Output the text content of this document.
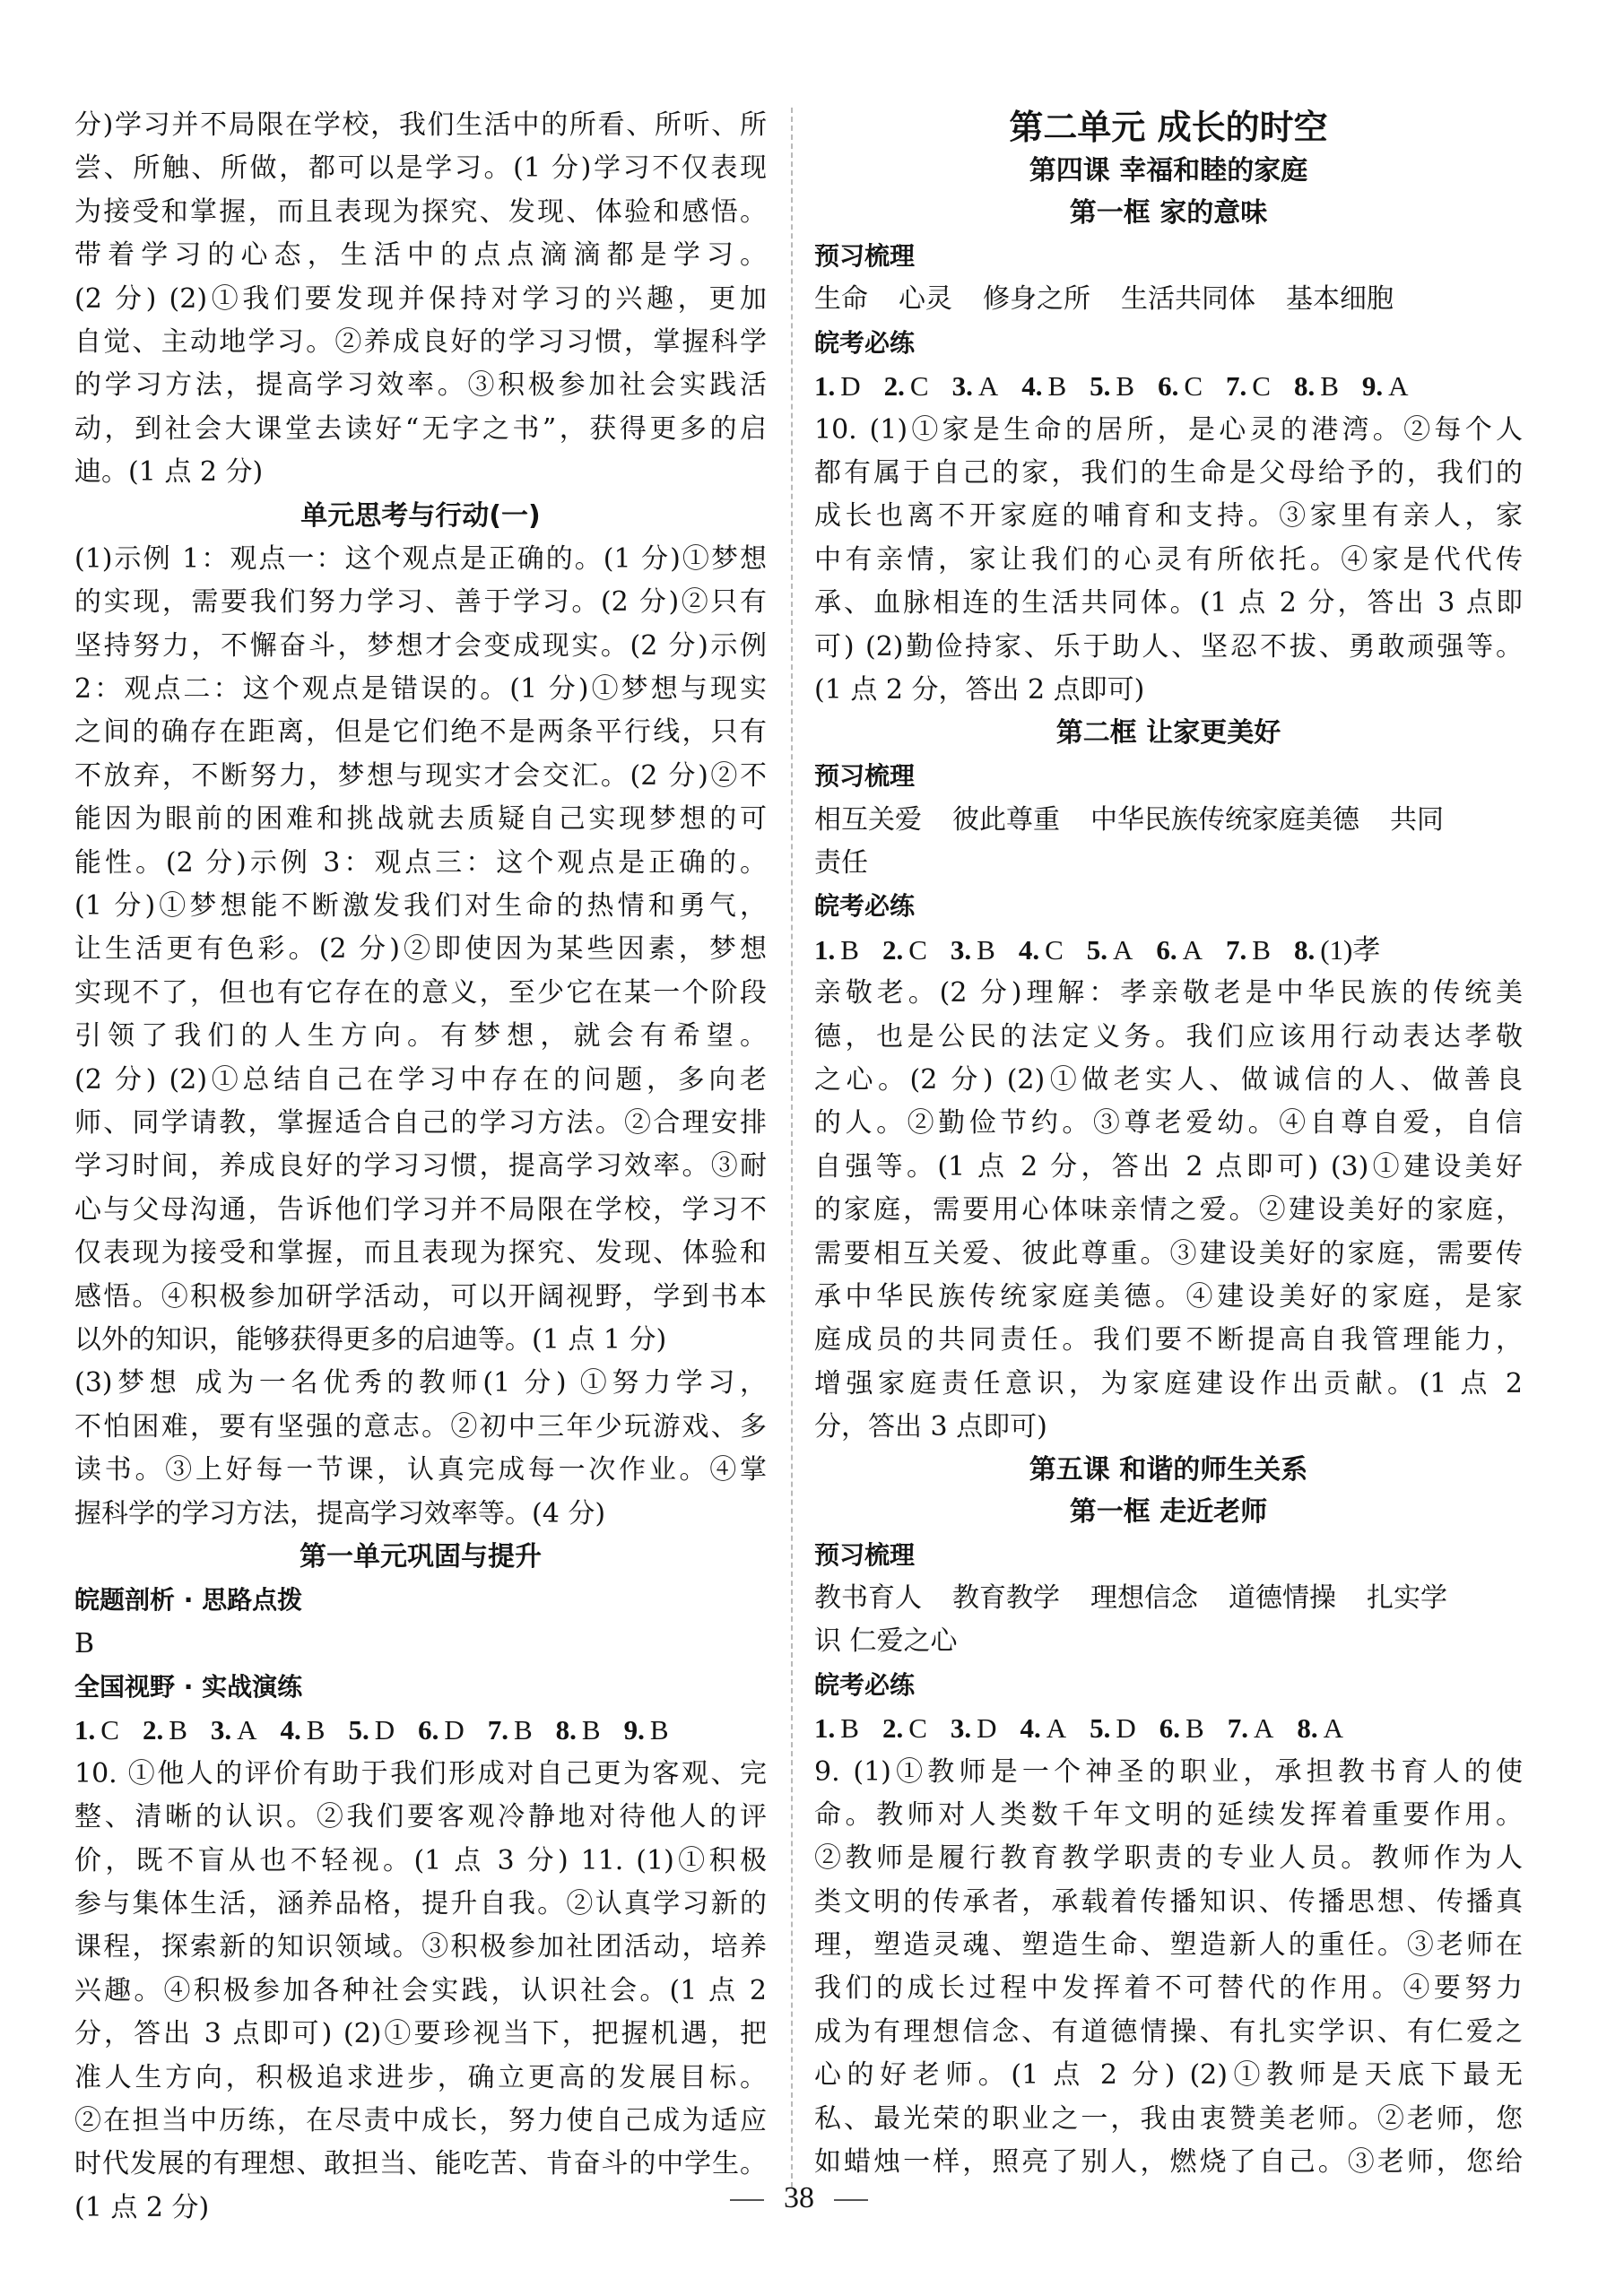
分)学习并不局限在学校，我们生活中的所看、所听、所
尝、所触、所做，都可以是学习。(1 分)学习不仅表现
为接受和掌握，而且表现为探究、发现、体验和感悟。
带着学习的心态，生活中的点点滴滴都是学习。
(2 分) (2)①我们要发现并保持对学习的兴趣，更加
自觉、主动地学习。②养成良好的学习习惯，掌握科学
的学习方法，提高学习效率。③积极参加社会实践活
动，到社会大课堂去读好“无字之书”，获得更多的启
迪。(1 点 2 分)
单元思考与行动(一)
(1)示例 1：观点一：这个观点是正确的。(1 分)①梦想
的实现，需要我们努力学习、善于学习。(2 分)②只有
坚持努力，不懈奋斗，梦想才会变成现实。(2 分)示例
2：观点二：这个观点是错误的。(1 分)①梦想与现实
之间的确存在距离，但是它们绝不是两条平行线，只有
不放弃，不断努力，梦想与现实才会交汇。(2 分)②不
能因为眼前的困难和挑战就去质疑自己实现梦想的可
能性。(2 分)示例 3：观点三：这个观点是正确的。
(1 分)①梦想能不断激发我们对生命的热情和勇气，
让生活更有色彩。(2 分)②即使因为某些因素，梦想
实现不了，但也有它存在的意义，至少它在某一个阶段
引领了我们的人生方向。有梦想，就会有希望。
(2 分) (2)①总结自己在学习中存在的问题，多向老
师、同学请教，掌握适合自己的学习方法。②合理安排
学习时间，养成良好的学习习惯，提高学习效率。③耐
心与父母沟通，告诉他们学习并不局限在学校，学习不
仅表现为接受和掌握，而且表现为探究、发现、体验和
感悟。④积极参加研学活动，可以开阔视野，学到书本
以外的知识，能够获得更多的启迪等。(1 点 1 分)
(3)梦想 成为一名优秀的教师(1 分) ①努力学习，
不怕困难，要有坚强的意志。②初中三年少玩游戏、多
读书。③上好每一节课，认真完成每一次作业。④掌
握科学的学习方法，提高学习效率等。(4 分)
第一单元巩固与提升
皖题剖析 · 思路点拨
B
全国视野 · 实战演练
1. C 2. B 3. A 4. B 5. D 6. D 7. B 8. B 9. B
10. ①他人的评价有助于我们形成对自己更为客观、完
整、清晰的认识。②我们要客观冷静地对待他人的评
价，既不盲从也不轻视。(1 点 3 分) 11. (1)①积极
参与集体生活，涵养品格，提升自我。②认真学习新的
课程，探索新的知识领域。③积极参加社团活动，培养
兴趣。④积极参加各种社会实践，认识社会。(1 点 2
分，答出 3 点即可) (2)①要珍视当下，把握机遇，把
准人生方向，积极追求进步，确立更高的发展目标。
②在担当中历练，在尽责中成长，努力使自己成为适应
时代发展的有理想、敢担当、能吃苦、肯奋斗的中学生。
(1 点 2 分)
第二单元 成长的时空
第四课 幸福和睦的家庭
第一框 家的意味
预习梳理
生命 心灵 修身之所 生活共同体 基本细胞
皖考必练
1. D 2. C 3. A 4. B 5. B 6. C 7. C 8. B 9. A
10. (1)①家是生命的居所，是心灵的港湾。②每个人
都有属于自己的家，我们的生命是父母给予的，我们的
成长也离不开家庭的哺育和支持。③家里有亲人，家
中有亲情，家让我们的心灵有所依托。④家是代代传
承、血脉相连的生活共同体。(1 点 2 分，答出 3 点即
可) (2)勤俭持家、乐于助人、坚忍不拔、勇敢顽强等。
(1 点 2 分，答出 2 点即可)
第二框 让家更美好
预习梳理
相互关爱 彼此尊重 中华民族传统家庭美德 共同
责任
皖考必练
1. B 2. C 3. B 4. C 5. A 6. A 7. B 8. (1)孝
亲敬老。(2 分)理解：孝亲敬老是中华民族的传统美
德，也是公民的法定义务。我们应该用行动表达孝敬
之心。(2 分) (2)①做老实人、做诚信的人、做善良
的人。②勤俭节约。③尊老爱幼。④自尊自爱，自信
自强等。(1 点 2 分，答出 2 点即可) (3)①建设美好
的家庭，需要用心体味亲情之爱。②建设美好的家庭，
需要相互关爱、彼此尊重。③建设美好的家庭，需要传
承中华民族传统家庭美德。④建设美好的家庭，是家
庭成员的共同责任。我们要不断提高自我管理能力，
增强家庭责任意识，为家庭建设作出贡献。(1 点 2
分，答出 3 点即可)
第五课 和谐的师生关系
第一框 走近老师
预习梳理
教书育人 教育教学 理想信念 道德情操 扎实学
识 仁爱之心
皖考必练
1. B 2. C 3. D 4. A 5. D 6. B 7. A 8. A
9. (1)①教师是一个神圣的职业，承担教书育人的使
命。教师对人类数千年文明的延续发挥着重要作用。
②教师是履行教育教学职责的专业人员。教师作为人
类文明的传承者，承载着传播知识、传播思想、传播真
理，塑造灵魂、塑造生命、塑造新人的重任。③老师在
我们的成长过程中发挥着不可替代的作用。④要努力
成为有理想信念、有道德情操、有扎实学识、有仁爱之
心的好老师。(1 点 2 分) (2)①教师是天底下最无
私、最光荣的职业之一，我由衷赞美老师。②老师，您
如蜡烛一样，照亮了别人，燃烧了自己。③老师，您给
38
